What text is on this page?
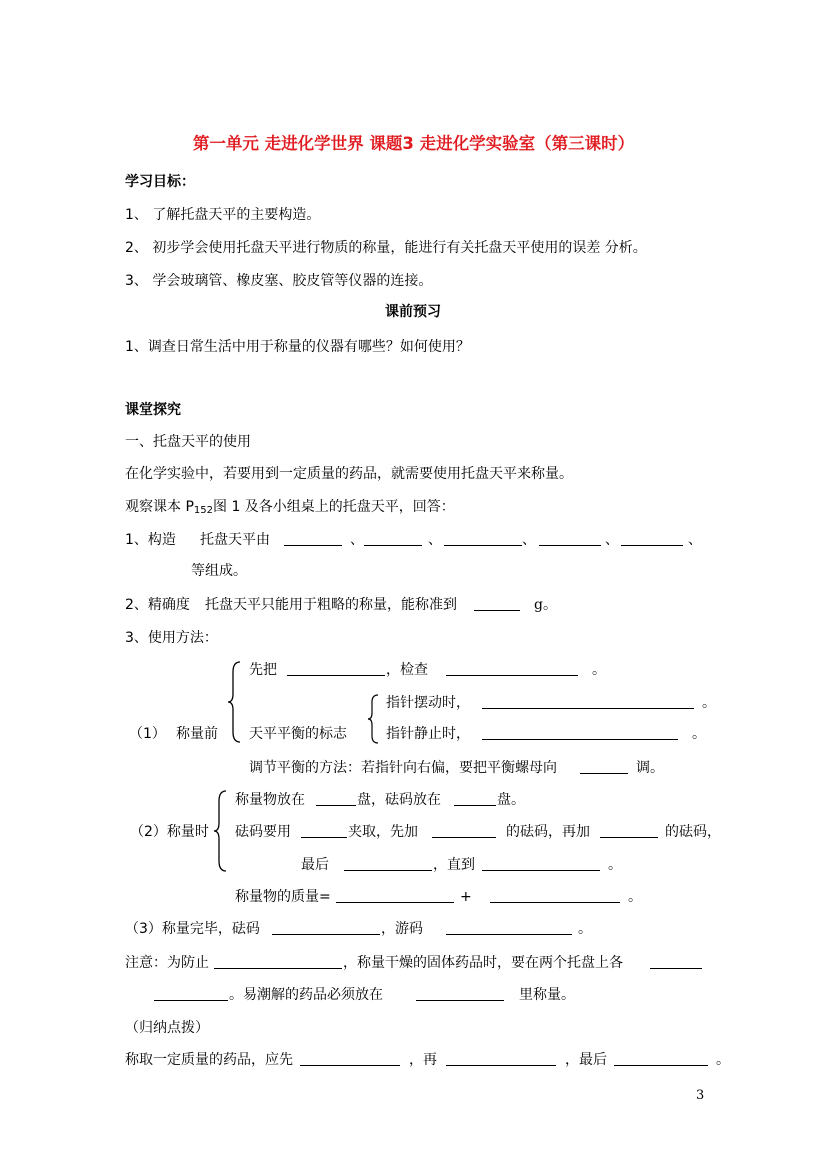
第一单元 走进化学世界 课题3 走进化学实验室（第三课时）
学习目标：
1、 了解托盘天平的主要构造。
2、 初步学会使用托盘天平进行物质的称量，能进行有关托盘天平使用的误差 分析。
3、 学会玻璃管、橡皮塞、胶皮管等仪器的连接。
课前预习
1、调查日常生活中用于称量的仪器有哪些？如何使用？
课堂探究
一、托盘天平的使用
在化学实验中，若要用到一定质量的药品，就需要使用托盘天平来称量。
观察课本 $P_{152}$图 1 及各小组桌上的托盘天平，回答：
1、构造 托盘天平由	、	、	、	、	、
等组成。
2、精确度 托盘天平只能用于粗略的称量，能称准到	g。
3、使用方法：
先把	，检查	。
（1） 称量前 天平平衡的标志
指针摆动时，	。
指针静止时，	。
调节平衡的方法：若指针向右偏，要把平衡螺母向	调。
（2）称量时
称量物放在	盘，砝码放在	盘。
砝码要用	夹取，先加	的砝码，再加	的砝码，
最后	，直到	。
称量物的质量=	+	。
（3）称量完毕，砝码	，游码	。
注意：为防止	，称量干燥的固体药品时，要在两个托盘上各
。易潮解的药品必须放在	里称量。
（归纳点拨）
称取一定质量的药品，应先	，再	，最后	。
3
